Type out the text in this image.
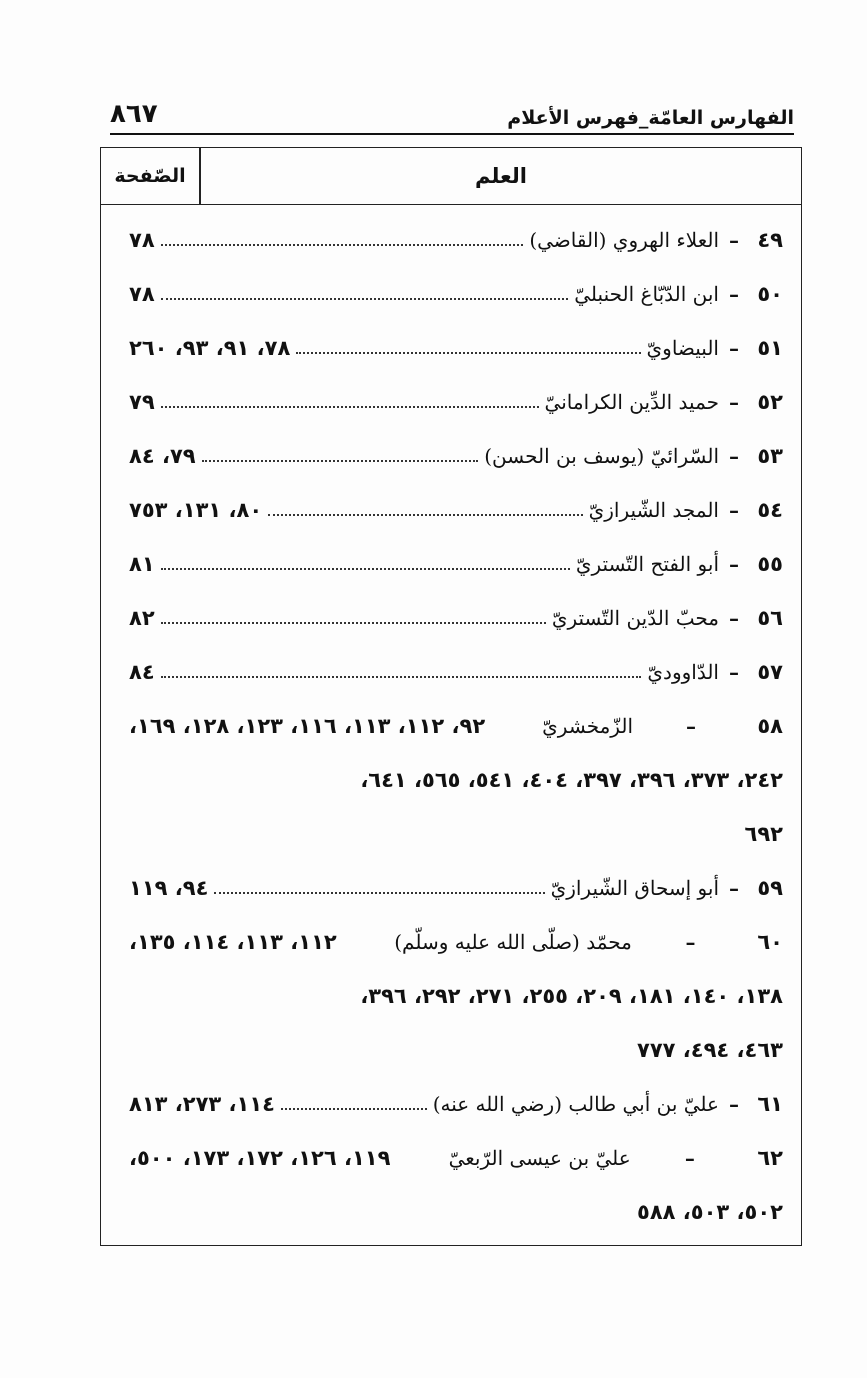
٨٦٧	الفهارس العامّة_فهرس الأعلام
الصّفحة	العلم
٤٩
–
العلاء الهروي (القاضي)
٧٨
٥٠
–
ابن الدّبّاغ الحنبليّ
٧٨
٥١
–
البيضاويّ
٧٨، ٩١، ٩٣، ٢٦٠
٥٢
–
حميد الدِّين الكرامانيّ
٧٩
٥٣
–
السّرائيّ (يوسف بن الحسن)
٧٩، ٨٤
٥٤
–
المجد الشّيرازيّ
٨٠، ١٣١، ٧٥٣
٥٥
–
أبو الفتح التّستريّ
٨١
٥٦
–
محبّ الدّين التّستريّ
٨٢
٥٧
–
الدّاووديّ
٨٤
٥٨
–
الزّمخشريّ
٩٢، ١١٢، ١١٣، ١١٦، ١٢٣، ١٢٨، ١٦٩،
٢٤٢، ٣٧٣، ٣٩٦، ٣٩٧، ٤٠٤، ٥٤١، ٥٦٥، ٦٤١،
٦٩٢
٥٩
–
أبو إسحاق الشّيرازيّ
٩٤، ١١٩
٦٠
–
محمّد (صلّى الله عليه وسلّم)
١١٢، ١١٣، ١١٤، ١٣٥،
١٣٨، ١٤٠، ١٨١، ٢٠٩، ٢٥٥، ٢٧١، ٢٩٢، ٣٩٦،
٤٦٣، ٤٩٤، ٧٧٧
٦١
–
عليّ بن أبي طالب (رضي الله عنه)
١١٤، ٢٧٣، ٨١٣
٦٢
–
عليّ بن عيسى الرّبعيّ
١١٩، ١٢٦، ١٧٢، ١٧٣، ٥٠٠،
٥٠٢، ٥٠٣، ٥٨٨
